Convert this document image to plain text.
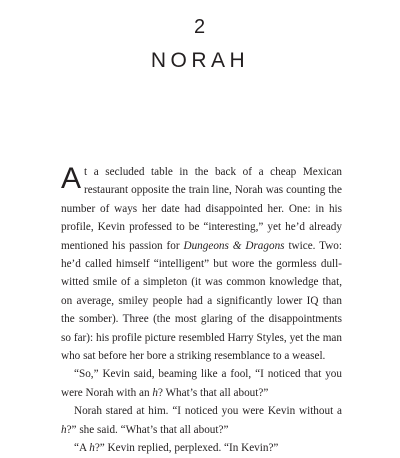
2
NORAH

At a secluded table in the back of a cheap Mexican restaurant opposite the train line, Norah was counting the number of ways her date had disappointed her. One: in his profile, Kevin professed to be “interesting,” yet he’d already mentioned his passion for Dungeons & Dragons twice. Two: he’d called himself “intelligent” but wore the gormless dull-witted smile of a simpleton (it was common knowledge that, on average, smiley people had a significantly lower IQ than the somber). Three (the most glaring of the disappointments so far): his profile picture resembled Harry Styles, yet the man who sat before her bore a striking resemblance to a weasel.

“So,” Kevin said, beaming like a fool, “I noticed that you were Norah with an h? What’s that all about?”

Norah stared at him. “I noticed you were Kevin without a h?” she said. “What’s that all about?”

“A h?” Kevin replied, perplexed. “In Kevin?”
